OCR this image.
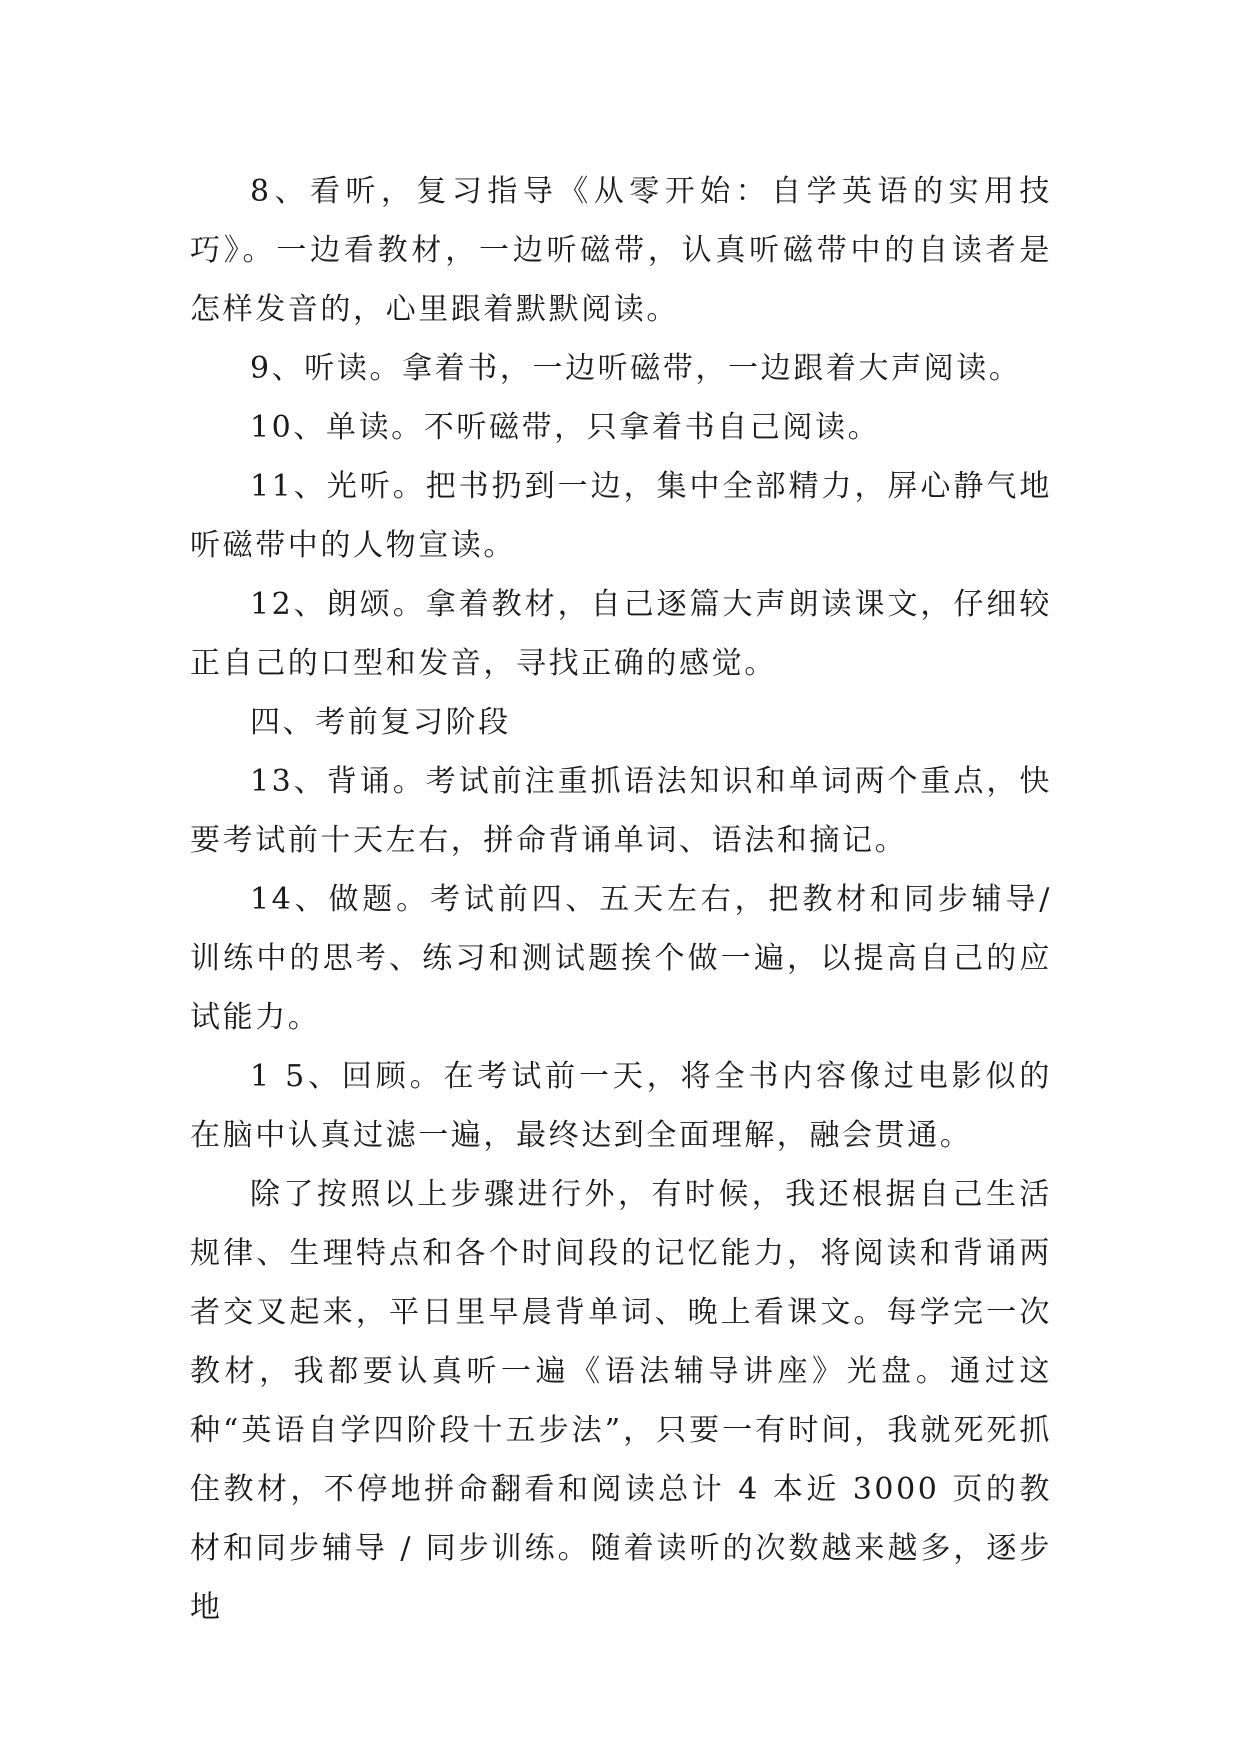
8、看听，复习指导《从零开始：自学英语的实用技巧》。一边看教材，一边听磁带，认真听磁带中的自读者是怎样发音的，心里跟着默默阅读。

9、听读。拿着书，一边听磁带，一边跟着大声阅读。

10、单读。不听磁带，只拿着书自己阅读。

11、光听。把书扔到一边，集中全部精力，屏心静气地听磁带中的人物宣读。

12、朗颂。拿着教材，自己逐篇大声朗读课文，仔细较正自己的口型和发音，寻找正确的感觉。

四、考前复习阶段

13、背诵。考试前注重抓语法知识和单词两个重点，快要考试前十天左右，拼命背诵单词、语法和摘记。

14、做题。考试前四、五天左右，把教材和同步辅导/训练中的思考、练习和测试题挨个做一遍，以提高自己的应试能力。

1 5、回顾。在考试前一天，将全书内容像过电影似的在脑中认真过滤一遍，最终达到全面理解，融会贯通。

除了按照以上步骤进行外，有时候，我还根据自己生活规律、生理特点和各个时间段的记忆能力，将阅读和背诵两者交叉起来，平日里早晨背单词、晚上看课文。每学完一次教材，我都要认真听一遍《语法辅导讲座》光盘。通过这种“英语自学四阶段十五步法”，只要一有时间，我就死死抓住教材，不停地拼命翻看和阅读总计 4 本近 3000 页的教材和同步辅导 / 同步训练。随着读听的次数越来越多，逐步地
